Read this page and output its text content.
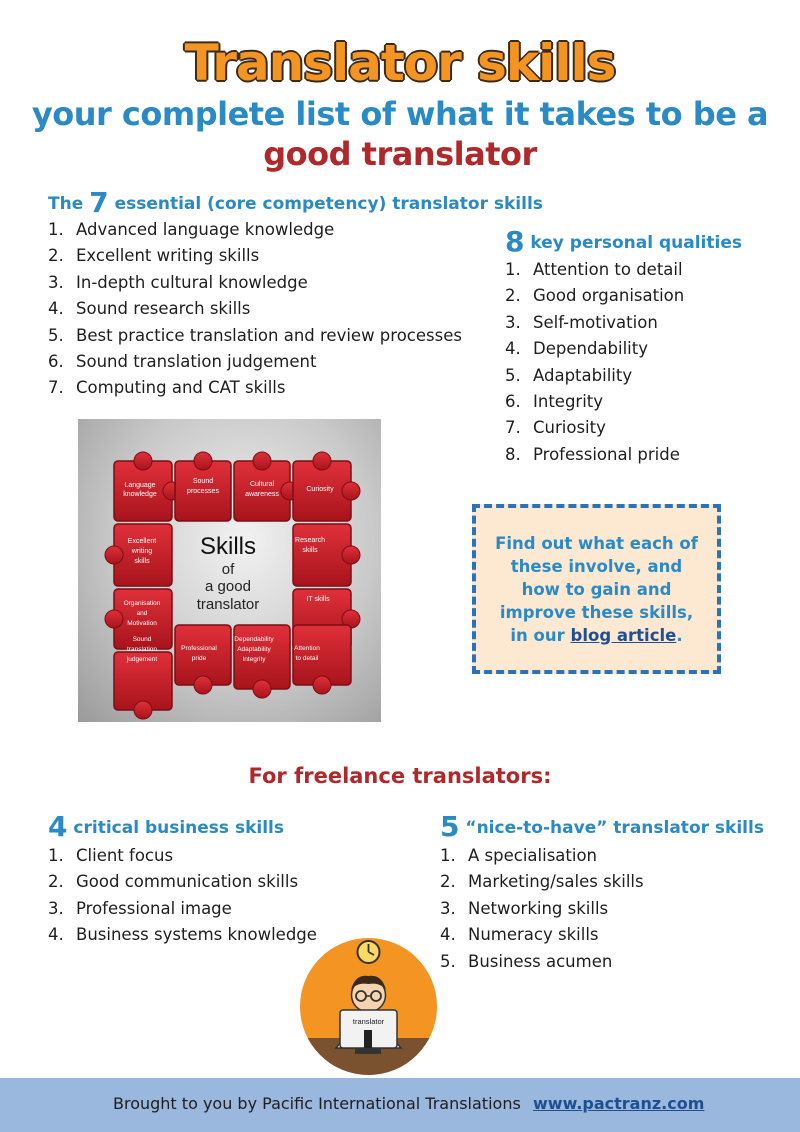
Translator skills
your complete list of what it takes to be a
good translator
The 7 essential (core competency) translator skills
1. Advanced language knowledge
2. Excellent writing skills
3. In-depth cultural knowledge
4. Sound research skills
5. Best practice translation and review processes
6. Sound translation judgement
7. Computing and CAT skills
8 key personal qualities
1. Attention to detail
2. Good organisation
3. Self-motivation
4. Dependability
5. Adaptability
6. Integrity
7. Curiosity
8. Professional pride
Language
knowledge
Sound
processes
Cultural
awareness
Curiosity
Excellent
writing
skills
Organisation
and
Motivation
Research
skills
IT skills
Sound
translation
judgement
Professional
pride
Dependability
Adaptability
Integrity
Attention
to detail
Skills
of
a good
translator

Find out what each of these involve, and how to gain and improve these skills, in our blog article.

For freelance translators:
4 critical business skills
1. Client focus
2. Good communication skills
3. Professional image
4. Business systems knowledge
5 “nice-to-have” translator skills
1. A specialisation
2. Marketing/sales skills
3. Networking skills
4. Numeracy skills
5. Business acumen
translator
Brought to you by Pacific International Translations www.pactranz.com
